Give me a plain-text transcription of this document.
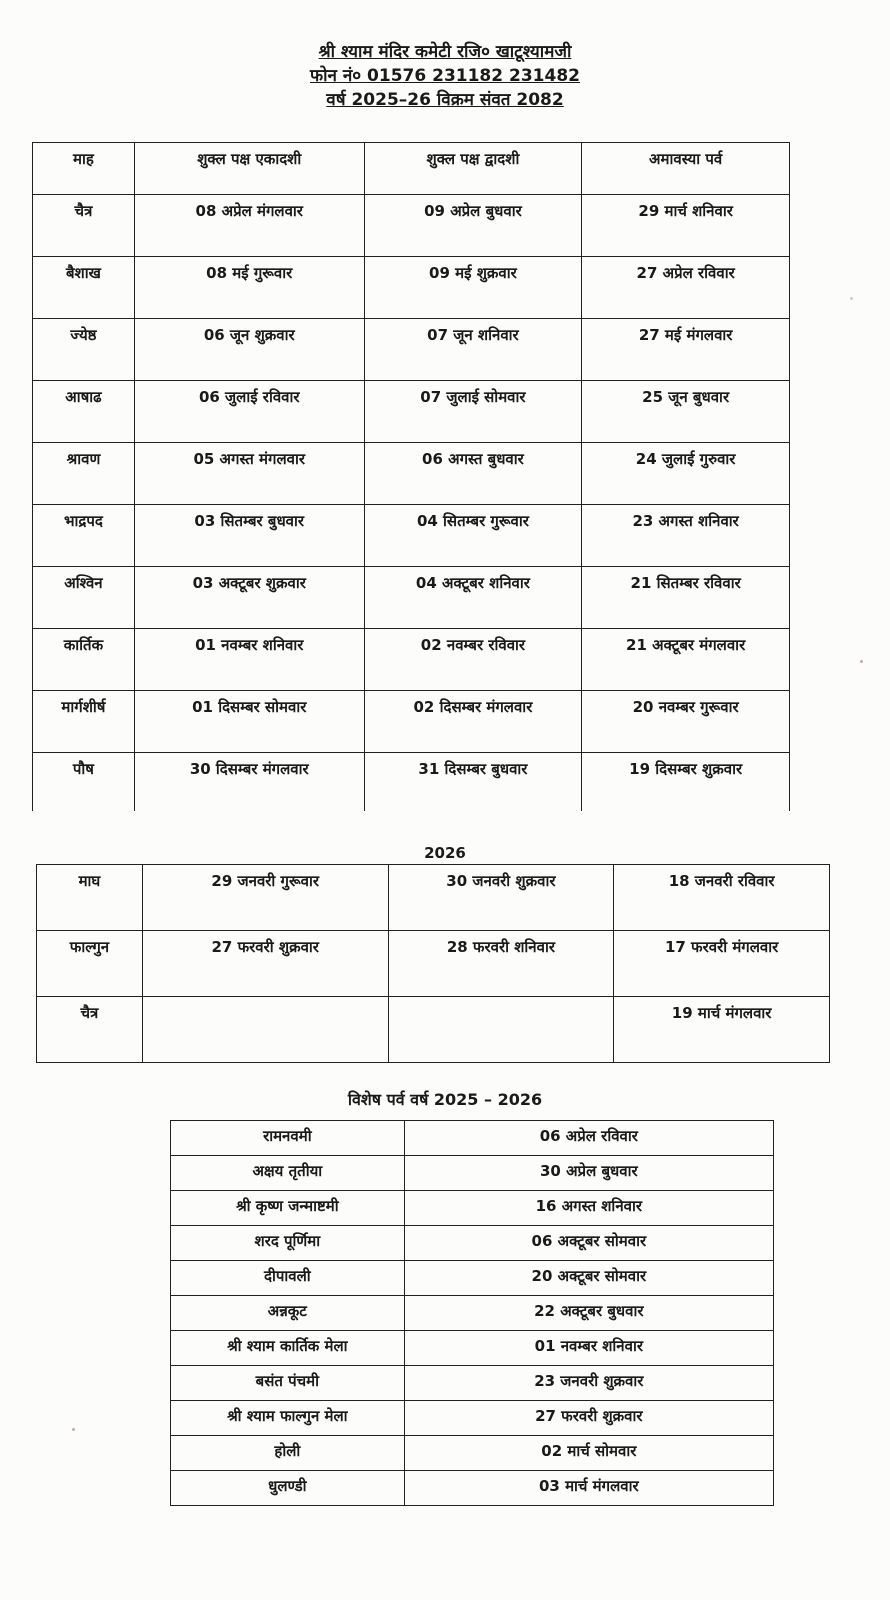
श्री श्याम मंदिर कमेटी रजि० खाटूश्यामजी
फोन नं० 01576 231182 231482
वर्ष 2025–26 विक्रम संवत 2082
माह	शुक्ल पक्ष एकादशी	शुक्ल पक्ष द्वादशी	अमावस्या पर्व
चैत्र	08 अप्रेल मंगलवार	09 अप्रेल बुधवार	29 मार्च शनिवार
बैशाख	08 मई गुरूवार	09 मई शुक्रवार	27 अप्रेल रविवार
ज्येष्ठ	06 जून शुक्रवार	07 जून शनिवार	27 मई मंगलवार
आषाढ	06 जुलाई रविवार	07 जुलाई सोमवार	25 जून बुधवार
श्रावण	05 अगस्त मंगलवार	06 अगस्त बुधवार	24 जुलाई गुरुवार
भाद्रपद	03 सितम्बर बुधवार	04 सितम्बर गुरूवार	23 अगस्त शनिवार
अश्विन	03 अक्टूबर शुक्रवार	04 अक्टूबर शनिवार	21 सितम्बर रविवार
कार्तिक	01 नवम्बर शनिवार	02 नवम्बर रविवार	21 अक्टूबर मंगलवार
मार्गशीर्ष	01 दिसम्बर सोमवार	02 दिसम्बर मंगलवार	20 नवम्बर गुरूवार
पौष	30 दिसम्बर मंगलवार	31 दिसम्बर बुधवार	19 दिसम्बर शुक्रवार
2026
माघ	29 जनवरी गुरूवार	30 जनवरी शुक्रवार	18 जनवरी रविवार
फाल्गुन	27 फरवरी शुक्रवार	28 फरवरी शनिवार	17 फरवरी मंगलवार
चैत्र			19 मार्च मंगलवार
विशेष पर्व वर्ष 2025 – 2026
रामनवमी	06 अप्रेल रविवार
अक्षय तृतीया	30 अप्रेल बुधवार
श्री कृष्ण जन्माष्टमी	16 अगस्त शनिवार
शरद पूर्णिमा	06 अक्टूबर सोमवार
दीपावली	20 अक्टूबर सोमवार
अन्नकूट	22 अक्टूबर बुधवार
श्री श्याम कार्तिक मेला	01 नवम्बर शनिवार
बसंत पंचमी	23 जनवरी शुक्रवार
श्री श्याम फाल्गुन मेला	27 फरवरी शुक्रवार
होली	02 मार्च सोमवार
धुलण्डी	03 मार्च मंगलवार
